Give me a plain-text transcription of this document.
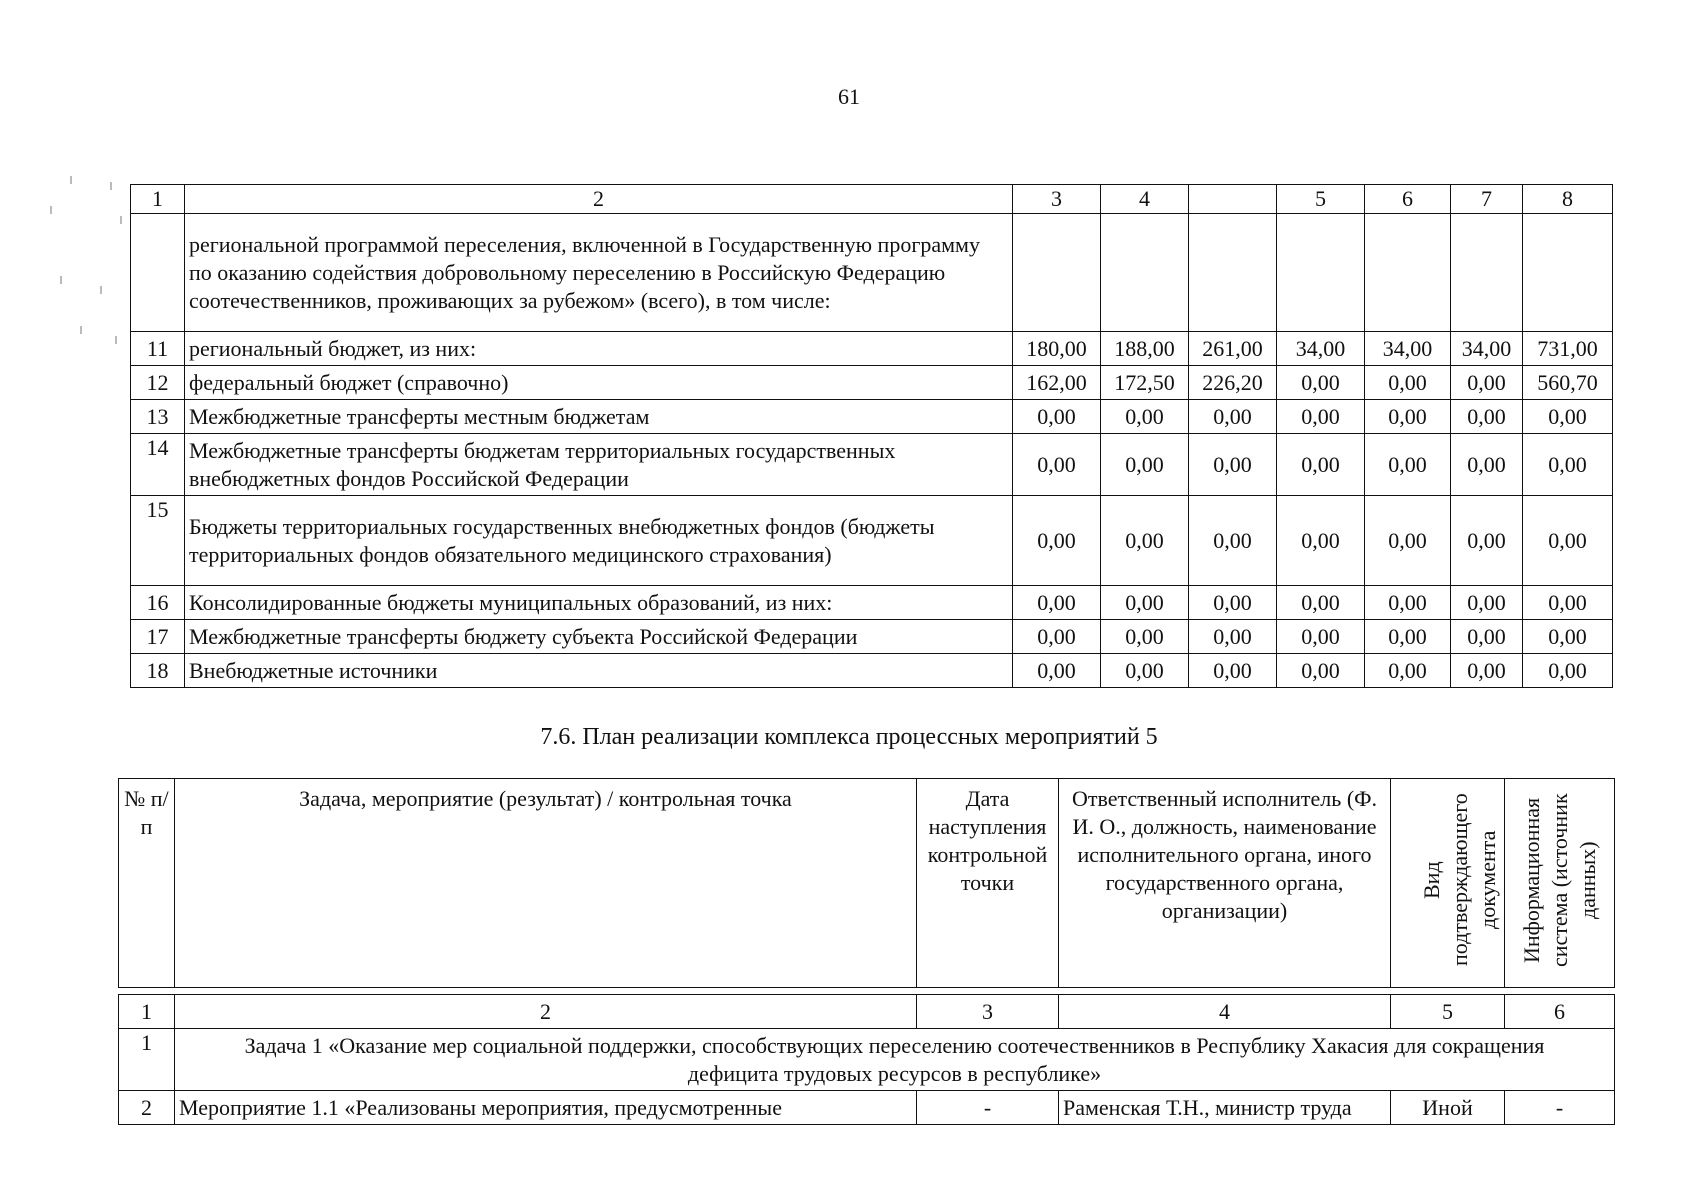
61
1	2	3	4		5	6	7	8
	региональной программой переселения, включенной в Государственную программу по оказанию содействия добровольному переселению в Российскую Федерацию соотечественников, проживающих за рубежом» (всего), в том числе:							
11	региональный бюджет, из них:	180,00	188,00	261,00	34,00	34,00	34,00	731,00
12	федеральный бюджет (справочно)	162,00	172,50	226,20	0,00	0,00	0,00	560,70
13	Межбюджетные трансферты местным бюджетам	0,00	0,00	0,00	0,00	0,00	0,00	0,00
14	Межбюджетные трансферты бюджетам территориальных государственных внебюджетных фондов Российской Федерации	0,00	0,00	0,00	0,00	0,00	0,00	0,00
15	Бюджеты территориальных государственных внебюджетных фондов (бюджеты территориальных фондов обязательного медицинского страхования)	0,00	0,00	0,00	0,00	0,00	0,00	0,00
16	Консолидированные бюджеты муниципальных образований, из них:	0,00	0,00	0,00	0,00	0,00	0,00	0,00
17	Межбюджетные трансферты бюджету субъекта Российской Федерации	0,00	0,00	0,00	0,00	0,00	0,00	0,00
18	Внебюджетные источники	0,00	0,00	0,00	0,00	0,00	0,00	0,00
7.6. План реализации комплекса процессных мероприятий 5
№ п/п	Задача, мероприятие (результат) / контрольная точка	Дата наступления контрольной точки	Ответственный исполнитель (Ф. И. О., должность, наименование исполнительного органа, иного государственного органа, организации)	Вид подтверждающего документа	Информационная система (источник данных)
1	2	3	4	5	6
1	Задача 1 «Оказание мер социальной поддержки, способствующих переселению соотечественников в Республику Хакасия для сокращения дефицита трудовых ресурсов в республике»				
2	Мероприятие 1.1 «Реализованы мероприятия, предусмотренные	-	Раменская Т.Н., министр труда	Иной	-
